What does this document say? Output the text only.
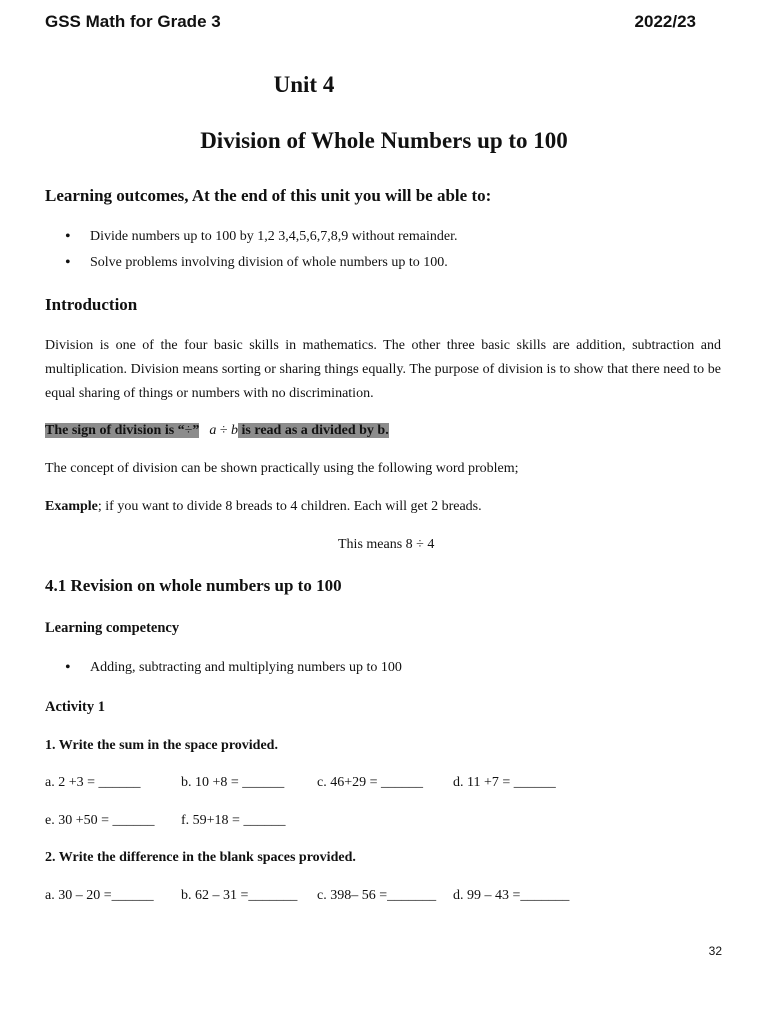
GSS Math for Grade 3	2022/23
Unit 4
Division of Whole Numbers up to 100
Learning outcomes, At the end of this unit you will be able to:
• Divide numbers up to 100 by 1,2 3,4,5,6,7,8,9 without remainder.
• Solve problems involving division of whole numbers up to 100.
Introduction
Division is one of the four basic skills in mathematics. The other three basic skills are addition, subtraction and multiplication. Division means sorting or sharing things equally. The purpose of division is to show that there need to be equal sharing of things or numbers with no discrimination.
The sign of division is “÷” a ÷ b is read as a divided by b.
The concept of division can be shown practically using the following word problem;
Example; if you want to divide 8 breads to 4 children. Each will get 2 breads.
This means 8 ÷ 4
4.1 Revision on whole numbers up to 100
Learning competency
• Adding, subtracting and multiplying numbers up to 100
Activity 1
1. Write the sum in the space provided.
a. 2 +3 = ______	b. 10 +8 = ______	c. 46+29 = ______	d. 11 +7 = ______
e. 30 +50 = ______	f. 59+18 = ______
2. Write the difference in the blank spaces provided.
a. 30 – 20 =______	b. 62 – 31 =_______	c. 398– 56 =_______	d. 99 – 43 =_______
32
